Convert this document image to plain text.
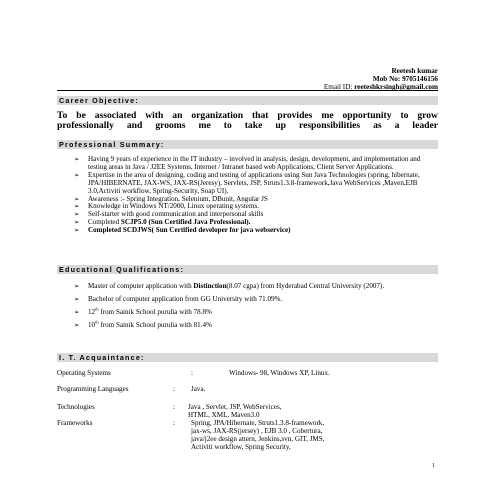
Reetesh kumar
Mob No: 9705146156
Email ID: reeteshkrsingh@gmail.com
Career Objective:
To be associated with an organization that provides me opportunity to grow
professionally and grooms me to take up responsibilities as a leader
Professional Summary:
➢ Having 9 years of experience in the IT industry – involved in analysis, design, development, and implementation and testing areas in Java / J2EE Systems, Internet / Intranet based web Applications, Client Server Applications.
➢ Expertise in the area of designing, coding and testing of applications using Sun Java Technologies (spring, hibernate, JPA/HIBERNATE, JAX-WS, JAX-RS(Jeresy), Servlets, JSP, Struts1.3.8-framework,Java WebServices ,Maven,EJB 3.0,Activiti workflow, Spring-Security, Soap UI).
➢ Awareness :- Spring Integration, Selenium, DBunit, Angular JS
➢ Knowledge in Windows NT/2000, Linux operating systems.
➢ Self-starter with good communication and interpersonal skills
➢ Completed SCJP5.0 (Sun Certified Java Professional).
➢ Completed SCDJWS( Sun Certified developer for java webservice)
Educational Qualifications:
➢ Master of computer application with Distinction(8.07 cgpa) from Hyderabad Central University (2007).
➢ Bachelor of computer application from GG University with 71.09%.
➢ 12th from Sainik School purulia with 78.8%
➢ 10th from Sainik School purulia with 81.4%
I. T. Acquaintance:
Operating Systems	:	Windows- 98, Windows XP, Linux.
Programming Languages	: Java.
Technologies	: Java , Servlet, JSP, WebServices,
HTML, XML, Maven3.0
Frameworks	: Spring, JPA/Hibernate, Struts1.3.8-framework,
jax-ws, JAX-RS(jersey) , EJB 3.0 , Cobertura,
java/j2ee design attern, Jenkins,svn, GIT, JMS,
Activiti workflow, Spring Security,
1
